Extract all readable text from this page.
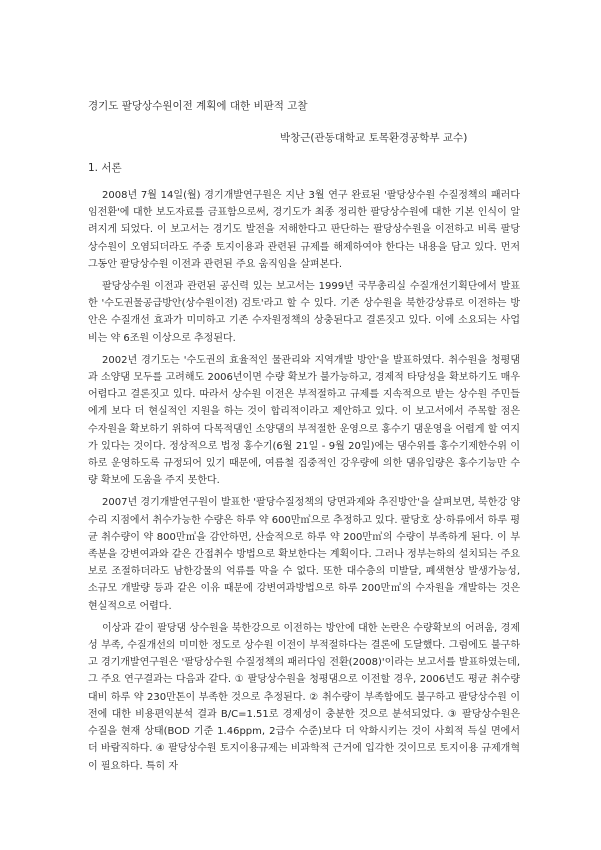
경기도 팔당상수원이전 계획에 대한 비판적 고찰

박창근(관동대학교 토목환경공학부 교수)

1. 서론

2008년 7월 14일(월) 경기개발연구원은 지난 3월 연구 완료된 '팔당상수원 수질정책의 패러다임전환'에 대한 보도자료를 금표함으로써, 경기도가 최종 정리한 팔당상수원에 대한 기본 인식이 알려지게 되었다. 이 보고서는 경기도 발전을 저해한다고 판단하는 팔당상수원을 이전하고 비록 팔당상수원이 오염되더라도 주중 토지이용과 관련된 규제를 해제하여야 한다는 내용을 담고 있다. 먼저 그동안 팔당상수원 이전과 관련된 주요 움직임을 살펴본다.

팔당상수원 이전과 관련된 공신력 있는 보고서는 1999년 국무총리실 수질개선기획단에서 발표한 '수도권물공급방안(상수원이전) 검토'라고 할 수 있다. 기존 상수원을 북한강상류로 이전하는 방안은 수질개선 효과가 미미하고 기존 수자원정책의 상충된다고 결론짓고 있다. 이에 소요되는 사업비는 약 6조원 이상으로 추정된다.

2002년 경기도는 '수도권의 효율적인 물관리와 지역개발 방안'을 발표하였다. 취수원을 청평댐과 소양댐 모두를 고려해도 2006년이면 수량 확보가 불가능하고, 경제적 타당성을 확보하기도 매우 어렵다고 결론짓고 있다. 따라서 상수원 이전은 부적절하고 규제를 지속적으로 받는 상수원 주민들에게 보다 더 현실적인 지원을 하는 것이 합리적이라고 제안하고 있다. 이 보고서에서 주목할 점은 수자원을 확보하기 위하여 다목적댐인 소양댐의 부적절한 운영으로 홍수기 댐운영을 어렵게 할 여지가 있다는 것이다. 정상적으로 법정 홍수기(6월 21일 - 9월 20일)에는 댐수위를 홍수기제한수위 이하로 운영하도록 규정되어 있기 때문에, 여름철 집중적인 강우량에 의한 댐유입량은 홍수기능만 수량 확보에 도움을 주지 못한다.

2007년 경기개발연구원이 발표한 '팔당수질정책의 당면과제와 추진방안'을 살펴보면, 북한강 양수리 지점에서 취수가능한 수량은 하루 약 600만㎥으로 추정하고 있다. 팔당호 상·하류에서 하루 평균 취수량이 약 800만㎥을 감안하면, 산술적으로 하루 약 200만㎥의 수량이 부족하게 된다. 이 부족분을 강변여과와 같은 간접취수 방법으로 확보한다는 계획이다. 그러나 정부는하의 설치되는 주요보로 조절하더라도 남한강물의 억류를 막을 수 없다. 또한 대수층의 미발달, 폐색현상 발생가능성, 소규모 개발량 등과 같은 이유 때문에 강변여과방법으로 하루 200만㎥의 수자원을 개발하는 것은 현실적으로 어렵다.

이상과 같이 팔당댐 상수원을 북한강으로 이전하는 방안에 대한 논란은 수량확보의 어려움, 경제성 부족, 수질개선의 미미한 정도로 상수원 이전이 부적절하다는 결론에 도달했다. 그럼에도 불구하고 경기개발연구원은 '팔당상수원 수질정책의 패러다임 전환(2008)'이라는 보고서를 발표하였는데, 그 주요 연구결과는 다음과 같다. ① 팔당상수원을 청평댐으로 이전할 경우, 2006년도 평균 취수량 대비 하루 약 230만톤이 부족한 것으로 추정된다. ② 취수량이 부족함에도 불구하고 팔당상수원 이전에 대한 비용편익분석 결과 B/C=1.51로 경제성이 충분한 것으로 분석되었다. ③ 팔당상수원은 수질을 현재 상태(BOD 기준 1.46ppm, 2급수 수준)보다 더 악화시키는 것이 사회적 득실 면에서 더 바람직하다. ④ 팔당상수원 토지이용규제는 비과학적 근거에 입각한 것이므로 토지이용 규제개혁이 필요하다. 특히 자
